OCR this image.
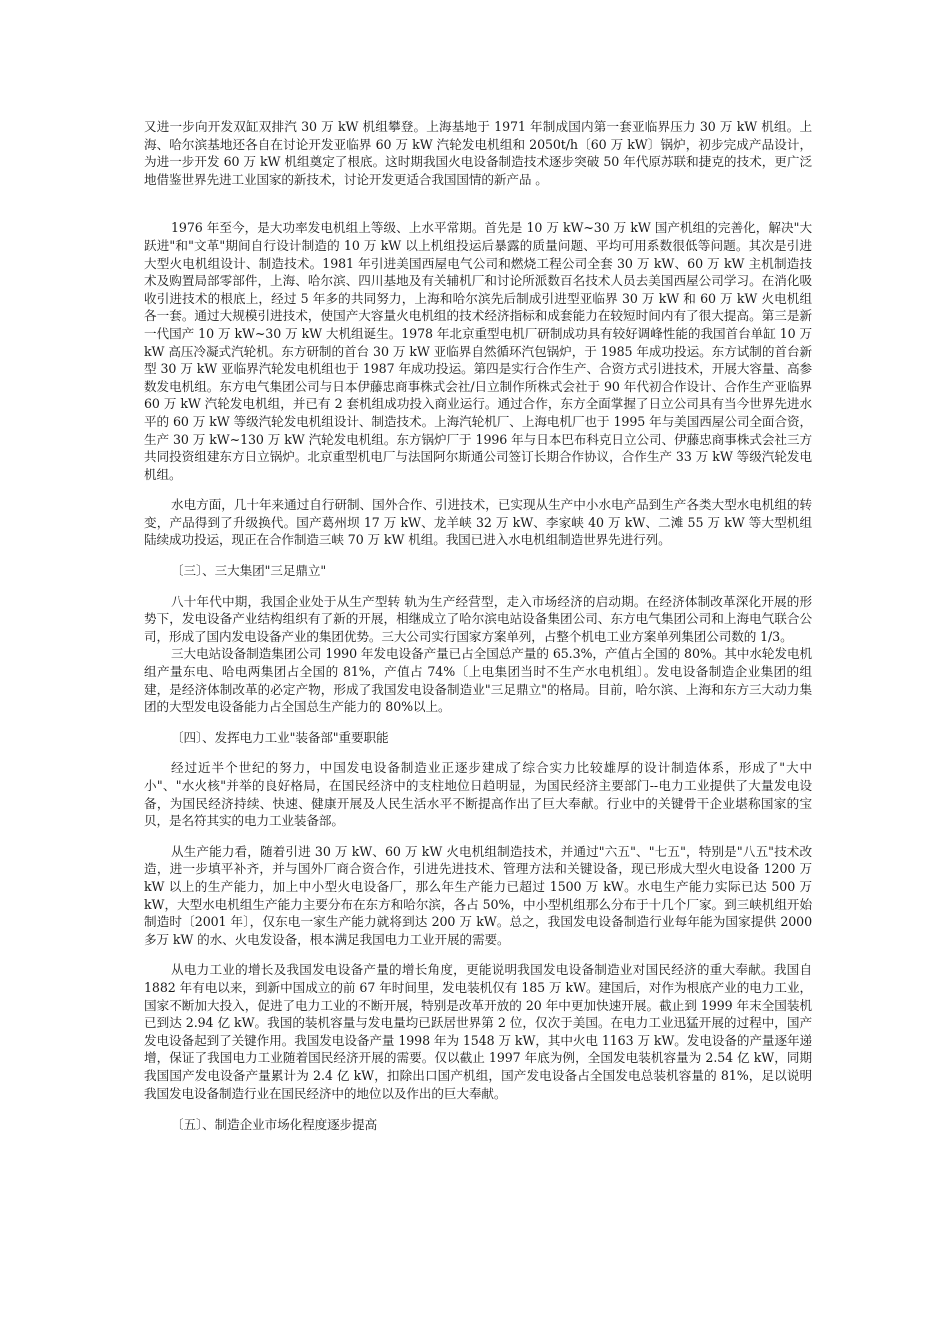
又进一步向开发双缸双排汽 30 万 kW 机组攀登。上海基地于 1971 年制成国内第一套亚临界压力 30 万 kW 机组。上海、哈尔滨基地还各自在讨论开发亚临界 60 万 kW 汽轮发电机组和 2050t/h〔60 万 kW〕锅炉，初步完成产品设计，为进一步开发 60 万 kW 机组奠定了根底。这时期我国火电设备制造技术逐步突破 50 年代原苏联和捷克的技术，更广泛地借鉴世界先进工业国家的新技术，讨论开发更适合我国国情的新产品 。

1976 年至今，是大功率发电机组上等级、上水平常期。首先是 10 万 kW~30 万 kW 国产机组的完善化，解决"大跃进"和"文革"期间自行设计制造的 10 万 kW 以上机组投运后暴露的质量问题、平均可用系数很低等问题。其次是引进大型火电机组设计、制造技术。1981 年引进美国西屋电气公司和燃烧工程公司全套 30 万 kW、60 万 kW 主机制造技术及购置局部零部件，上海、哈尔滨、四川基地及有关辅机厂和讨论所派数百名技术人员去美国西屋公司学习。在消化吸收引进技术的根底上，经过 5 年多的共同努力，上海和哈尔滨先后制成引进型亚临界 30 万 kW 和 60 万 kW 火电机组各一套。通过大规模引进技术，使国产大容量火电机组的技术经济指标和成套能力在较短时间内有了很大提高。第三是新一代国产 10 万 kW~30 万 kW 大机组诞生。1978 年北京重型电机厂研制成功具有较好调峰性能的我国首台单缸 10 万 kW 高压冷凝式汽轮机。东方研制的首台 30 万 kW 亚临界自然循环汽包锅炉，于 1985 年成功投运。东方试制的首台新型 30 万 kW 亚临界汽轮发电机组也于 1987 年成功投运。第四是实行合作生产、合资方式引进技术，开展大容量、高参数发电机组。东方电气集团公司与日本伊藤忠商事株式会社/日立制作所株式会社于 90 年代初合作设计、合作生产亚临界 60 万 kW 汽轮发电机组，并已有 2 套机组成功投入商业运行。通过合作，东方全面掌握了日立公司具有当今世界先进水平的 60 万 kW 等级汽轮发电机组设计、制造技术。上海汽轮机厂、上海电机厂也于 1995 年与美国西屋公司全面合资，生产 30 万 kW~130 万 kW 汽轮发电机组。东方锅炉厂于 1996 年与日本巴布科克日立公司、伊藤忠商事株式会社三方共同投资组建东方日立锅炉。北京重型机电厂与法国阿尔斯通公司签订长期合作协议，合作生产 33 万 kW 等级汽轮发电机组。

水电方面，几十年来通过自行研制、国外合作、引进技术，已实现从生产中小水电产品到生产各类大型水电机组的转变，产品得到了升级换代。国产葛州坝 17 万 kW、龙羊峡 32 万 kW、李家峡 40 万 kW、二滩 55 万 kW 等大型机组陆续成功投运，现正在合作制造三峡 70 万 kW 机组。我国已进入水电机组制造世界先进行列。

〔三〕、三大集团"三足鼎立"

八十年代中期，我国企业处于从生产型转 轨为生产经营型，走入市场经济的启动期。在经济体制改革深化开展的形势下，发电设备产业结构组织有了新的开展，相继成立了哈尔滨电站设备集团公司、东方电气集团公司和上海电气联合公司，形成了国内发电设备产业的集团优势。三大公司实行国家方案单列，占整个机电工业方案单列集团公司数的 1/3。

三大电站设备制造集团公司 1990 年发电设备产量已占全国总产量的 65.3%，产值占全国的 80%。其中水轮发电机组产量东电、哈电两集团占全国的 81%，产值占 74%〔上电集团当时不生产水电机组〕。发电设备制造企业集团的组建，是经济体制改革的必定产物，形成了我国发电设备制造业"三足鼎立"的格局。目前，哈尔滨、上海和东方三大动力集团的大型发电设备能力占全国总生产能力的 80%以上。

〔四〕、发挥电力工业"装备部"重要职能

经过近半个世纪的努力，中国发电设备制造业正逐步建成了综合实力比较雄厚的设计制造体系，形成了"大中小"、"水火核"并举的良好格局，在国民经济中的支柱地位日趋明显，为国民经济主要部门--电力工业提供了大量发电设备，为国民经济持续、快速、健康开展及人民生活水平不断提高作出了巨大奉献。行业中的关键骨干企业堪称国家的宝贝，是名符其实的电力工业装备部。

从生产能力看，随着引进 30 万 kW、60 万 kW 火电机组制造技术，并通过"六五"、"七五"，特别是"八五"技术改造，进一步填平补齐，并与国外厂商合资合作，引进先进技术、管理方法和关键设备，现已形成大型火电设备 1200 万 kW 以上的生产能力，加上中小型火电设备厂，那么年生产能力已超过 1500 万 kW。水电生产能力实际已达 500 万 kW，大型水电机组生产能力主要分布在东方和哈尔滨，各占 50%，中小型机组那么分布于十几个厂家。到三峡机组开始制造时〔2001 年〕，仅东电一家生产能力就将到达 200 万 kW。总之，我国发电设备制造行业每年能为国家提供 2000 多万 kW 的水、火电发设备，根本满足我国电力工业开展的需要。

从电力工业的增长及我国发电设备产量的增长角度，更能说明我国发电设备制造业对国民经济的重大奉献。我国自 1882 年有电以来，到新中国成立的前 67 年时间里，发电装机仅有 185 万 kW。建国后，对作为根底产业的电力工业，国家不断加大投入，促进了电力工业的不断开展，特别是改革开放的 20 年中更加快速开展。截止到 1999 年末全国装机已到达 2.94 亿 kW。我国的装机容量与发电量均已跃居世界第 2 位，仅次于美国。在电力工业迅猛开展的过程中，国产发电设备起到了关键作用。我国发电设备产量 1998 年为 1548 万 kW，其中火电 1163 万 kW。发电设备的产量逐年递增，保证了我国电力工业随着国民经济开展的需要。仅以截止 1997 年底为例，全国发电装机容量为 2.54 亿 kW，同期我国国产发电设备产量累计为 2.4 亿 kW，扣除出口国产机组，国产发电设备占全国发电总装机容量的 81%，足以说明我国发电设备制造行业在国民经济中的地位以及作出的巨大奉献。

〔五〕、制造企业市场化程度逐步提高
